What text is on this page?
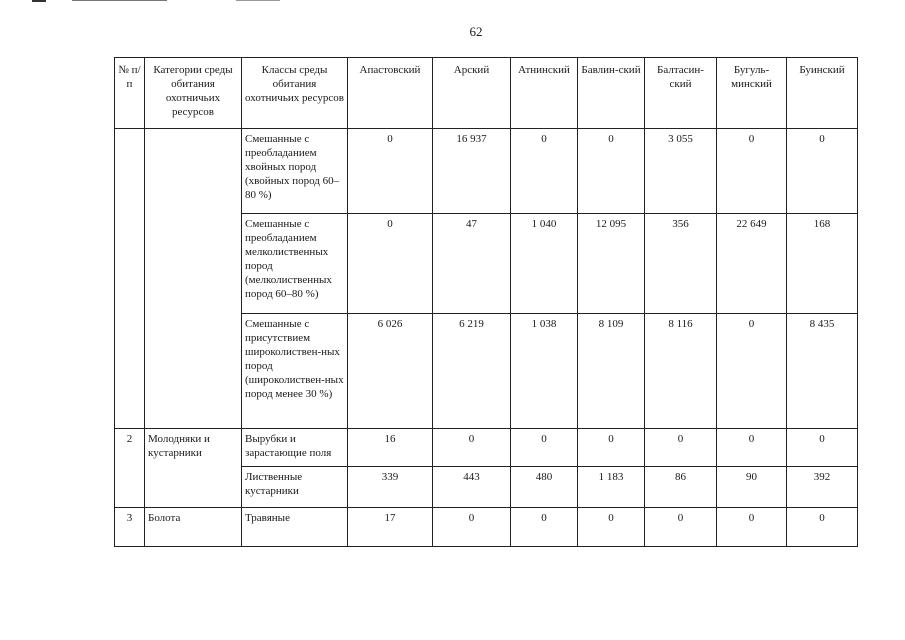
62
№ п/п	Категории среды обитания охотничьих ресурсов	Классы среды обитания охотничьих ресурсов	Апастовский	Арский	Атнинский	Бавлин-ский	Балтасин-ский	Бугуль-минский	Буинский
		Смешанные с преобладанием хвойных пород (хвойных пород 60–80 %)	0	16 937	0	0	3 055	0	0
		Смешанные с преобладанием мелколиственных пород (мелколиственных пород 60–80 %)	0	47	1 040	12 095	356	22 649	168
		Смешанные с присутствием широколиствен-ных пород (широколиствен-ных пород менее 30 %)	6 026	6 219	1 038	8 109	8 116	0	8 435
2	Молодняки и кустарники	Вырубки и зарастающие поля	16	0	0	0	0	0	0
		Лиственные кустарники	339	443	480	1 183	86	90	392
3	Болота	Травяные	17	0	0	0	0	0	0
